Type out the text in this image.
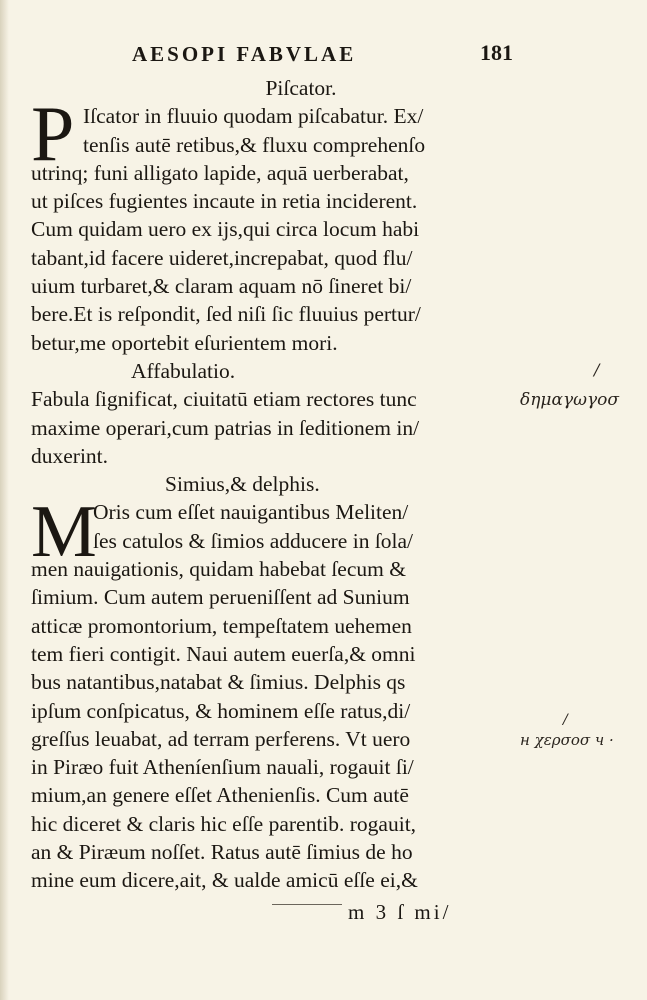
AESOPI FABVLAE	181
P
M
Piſcator.
Iſcator in fluuio quodam piſcabatur. Ex/
tenſis autē retibus,& fluxu comprehenſo
utrinq; funi alligato lapide, aquā uerberabat,
ut piſces fugientes incaute in retia inciderent.
Cum quidam uero ex ijs,qui circa locum habi
tabant,id facere uideret,increpabat, quod flu/
uium turbaret,& claram aquam nō ſineret bi/
bere.Et is reſpondit, ſed niſi ſic fluuius pertur/
betur,me oportebit eſurientem mori.
Affabulatio.
Fabula ſignificat, ciuitatū etiam rectores tunc
maxime operari,cum patrias in ſeditionem in/
duxerint.
Simius,& delphis.
Oris cum eſſet nauigantibus Meliten/
ſes catulos & ſimios adducere in ſola/
men nauigationis, quidam habebat ſecum &
ſimium. Cum autem perueniſſent ad Sunium
atticæ promontorium, tempeſtatem uehemen
tem fieri contigit. Naui autem euerſa,& omni
bus natantibus,natabat & ſimius. Delphis qs
ipſum conſpicatus, & hominem eſſe ratus,di/
greſſus leuabat, ad terram perferens. Vt uero
in Piræo fuit Atheníenſium nauali, rogauit ſi/
mium,an genere eſſet Athenienſis. Cum autē
hic diceret & claris hic eſſe parentib. rogauit,
an & Piræum noſſet. Ratus autē ſimius de ho
mine eum dicere,ait, & ualde amicū eſſe ei,&
m 3 ſ mi/
/
δημαγωγοσ
/
н χερσοσ ч ·
